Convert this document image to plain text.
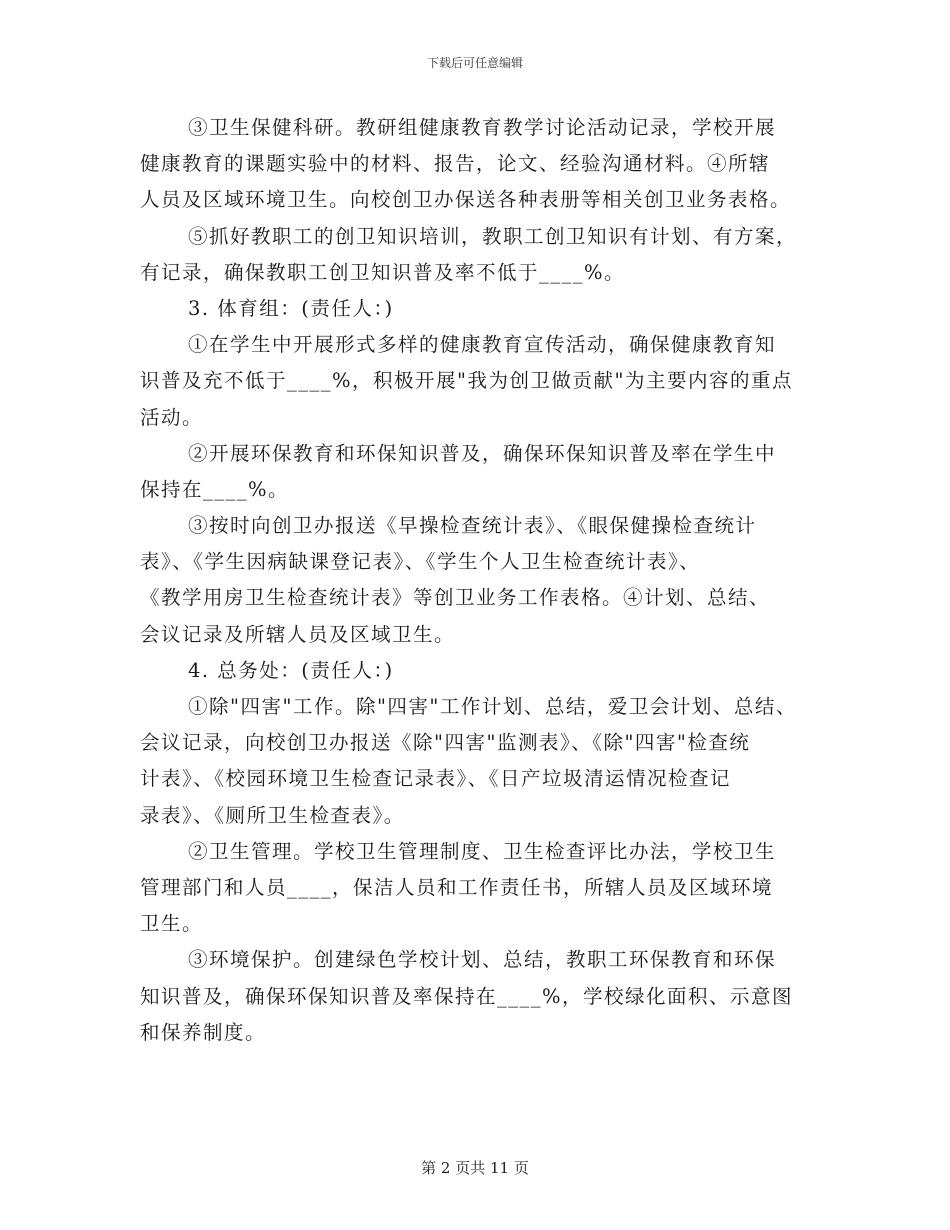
下载后可任意编辑
③卫生保健科研。教研组健康教育教学讨论活动记录，学校开展
健康教育的课题实验中的材料、报告，论文、经验沟通材料。④所辖
人员及区域环境卫生。向校创卫办保送各种表册等相关创卫业务表格。
⑤抓好教职工的创卫知识培训，教职工创卫知识有计划、有方案，
有记录，确保教职工创卫知识普及率不低于____%。
3. 体育组：(责任人：)
①在学生中开展形式多样的健康教育宣传活动，确保健康教育知
识普及充不低于____%，积极开展"我为创卫做贡献"为主要内容的重点
活动。
②开展环保教育和环保知识普及，确保环保知识普及率在学生中
保持在____%。
③按时向创卫办报送《早操检查统计表》、《眼保健操检查统计
表》、《学生因病缺课登记表》、《学生个人卫生检查统计表》、
《教学用房卫生检查统计表》等创卫业务工作表格。④计划、总结、
会议记录及所辖人员及区域卫生。
4. 总务处：(责任人：)
①除"四害"工作。除"四害"工作计划、总结，爱卫会计划、总结、
会议记录，向校创卫办报送《除"四害"监测表》、《除"四害"检查统
计表》、《校园环境卫生检查记录表》、《日产垃圾清运情况检查记
录表》、《厕所卫生检查表》。
②卫生管理。学校卫生管理制度、卫生检查评比办法，学校卫生
管理部门和人员____，保洁人员和工作责任书，所辖人员及区域环境
卫生。
③环境保护。创建绿色学校计划、总结，教职工环保教育和环保
知识普及，确保环保知识普及率保持在____%，学校绿化面积、示意图
和保养制度。
第 2 页共 11 页
